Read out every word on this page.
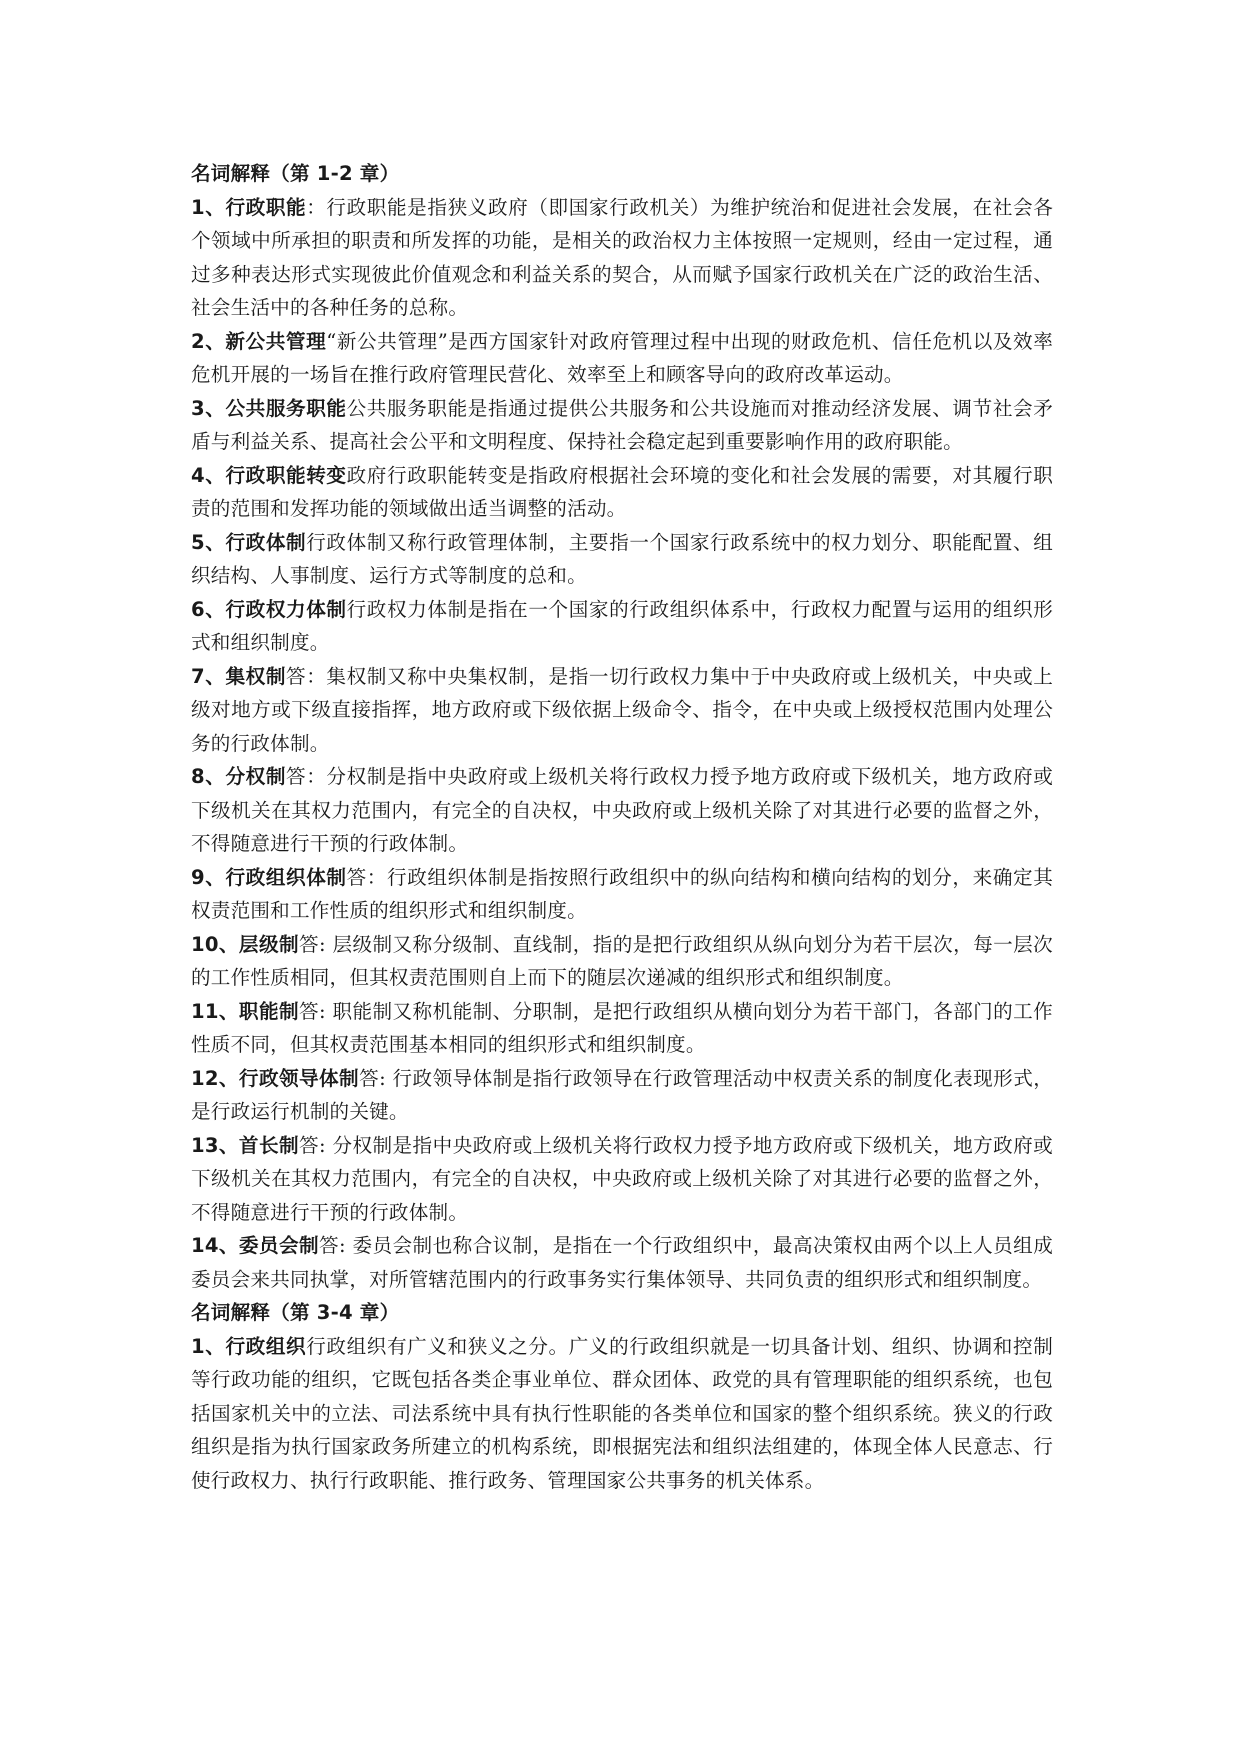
名词解释（第 1-2 章）

1、行政职能：行政职能是指狭义政府（即国家行政机关）为维护统治和促进社会发展，在社会各个领域中所承担的职责和所发挥的功能，是相关的政治权力主体按照一定规则，经由一定过程，通过多种表达形式实现彼此价值观念和利益关系的契合，从而赋予国家行政机关在广泛的政治生活、社会生活中的各种任务的总称。

2、新公共管理“新公共管理”是西方国家针对政府管理过程中出现的财政危机、信任危机以及效率危机开展的一场旨在推行政府管理民营化、效率至上和顾客导向的政府改革运动。

3、公共服务职能公共服务职能是指通过提供公共服务和公共设施而对推动经济发展、调节社会矛盾与利益关系、提高社会公平和文明程度、保持社会稳定起到重要影响作用的政府职能。

4、行政职能转变政府行政职能转变是指政府根据社会环境的变化和社会发展的需要，对其履行职责的范围和发挥功能的领域做出适当调整的活动。

5、行政体制行政体制又称行政管理体制，主要指一个国家行政系统中的权力划分、职能配置、组织结构、人事制度、运行方式等制度的总和。

6、行政权力体制行政权力体制是指在一个国家的行政组织体系中，行政权力配置与运用的组织形式和组织制度。

7、集权制答：集权制又称中央集权制，是指一切行政权力集中于中央政府或上级机关，中央或上级对地方或下级直接指挥，地方政府或下级依据上级命令、指令，在中央或上级授权范围内处理公务的行政体制。

8、分权制答：分权制是指中央政府或上级机关将行政权力授予地方政府或下级机关，地方政府或下级机关在其权力范围内，有完全的自决权，中央政府或上级机关除了对其进行必要的监督之外，不得随意进行干预的行政体制。

9、行政组织体制答：行政组织体制是指按照行政组织中的纵向结构和横向结构的划分，来确定其权责范围和工作性质的组织形式和组织制度。

10、层级制答: 层级制又称分级制、直线制，指的是把行政组织从纵向划分为若干层次，每一层次的工作性质相同，但其权责范围则自上而下的随层次递减的组织形式和组织制度。

11、职能制答: 职能制又称机能制、分职制，是把行政组织从横向划分为若干部门，各部门的工作性质不同，但其权责范围基本相同的组织形式和组织制度。

12、行政领导体制答: 行政领导体制是指行政领导在行政管理活动中权责关系的制度化表现形式，是行政运行机制的关键。

13、首长制答: 分权制是指中央政府或上级机关将行政权力授予地方政府或下级机关，地方政府或下级机关在其权力范围内，有完全的自决权，中央政府或上级机关除了对其进行必要的监督之外，不得随意进行干预的行政体制。

14、委员会制答: 委员会制也称合议制，是指在一个行政组织中，最高决策权由两个以上人员组成委员会来共同执掌，对所管辖范围内的行政事务实行集体领导、共同负责的组织形式和组织制度。

名词解释（第 3-4 章）

1、行政组织行政组织有广义和狭义之分。广义的行政组织就是一切具备计划、组织、协调和控制等行政功能的组织，它既包括各类企事业单位、群众团体、政党的具有管理职能的组织系统，也包括国家机关中的立法、司法系统中具有执行性职能的各类单位和国家的整个组织系统。狭义的行政组织是指为执行国家政务所建立的机构系统，即根据宪法和组织法组建的，体现全体人民意志、行使行政权力、执行行政职能、推行政务、管理国家公共事务的机关体系。
